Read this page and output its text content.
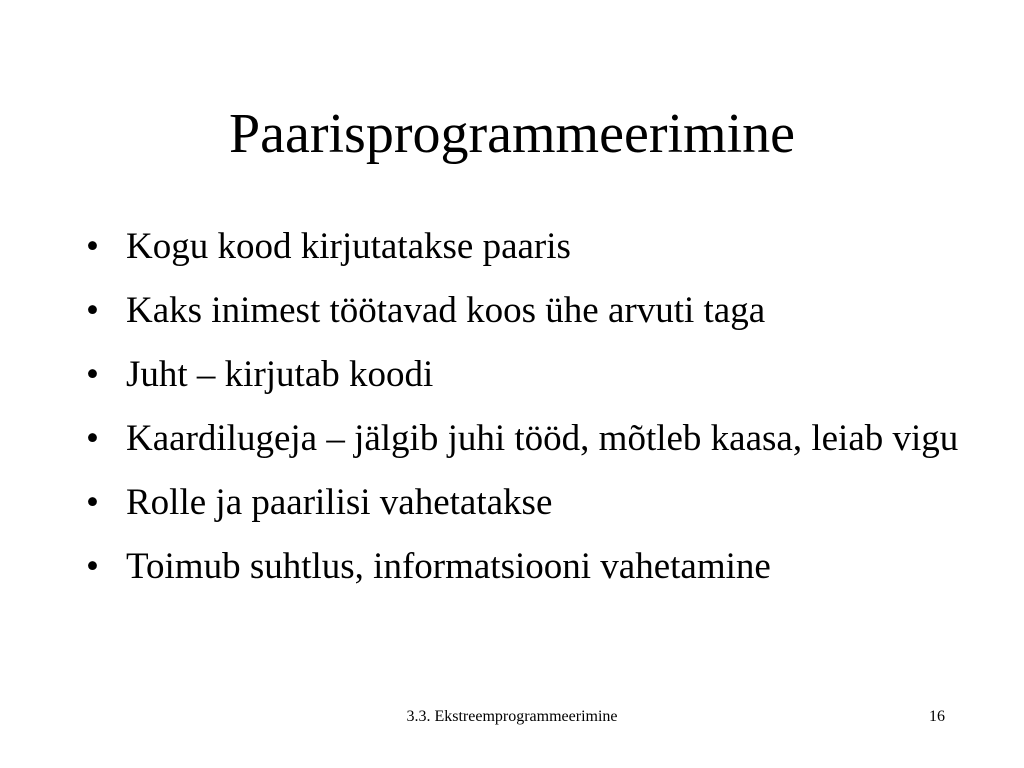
Paarisprogrammeerimine
• Kogu kood kirjutatakse paaris
• Kaks inimest töötavad koos ühe arvuti taga
• Juht – kirjutab koodi
• Kaardilugeja – jälgib juhi tööd, mõtleb kaasa, leiab vigu
• Rolle ja paarilisi vahetatakse
• Toimub suhtlus, informatsiooni vahetamine
3.3. Ekstreemprogrammeerimine	16
